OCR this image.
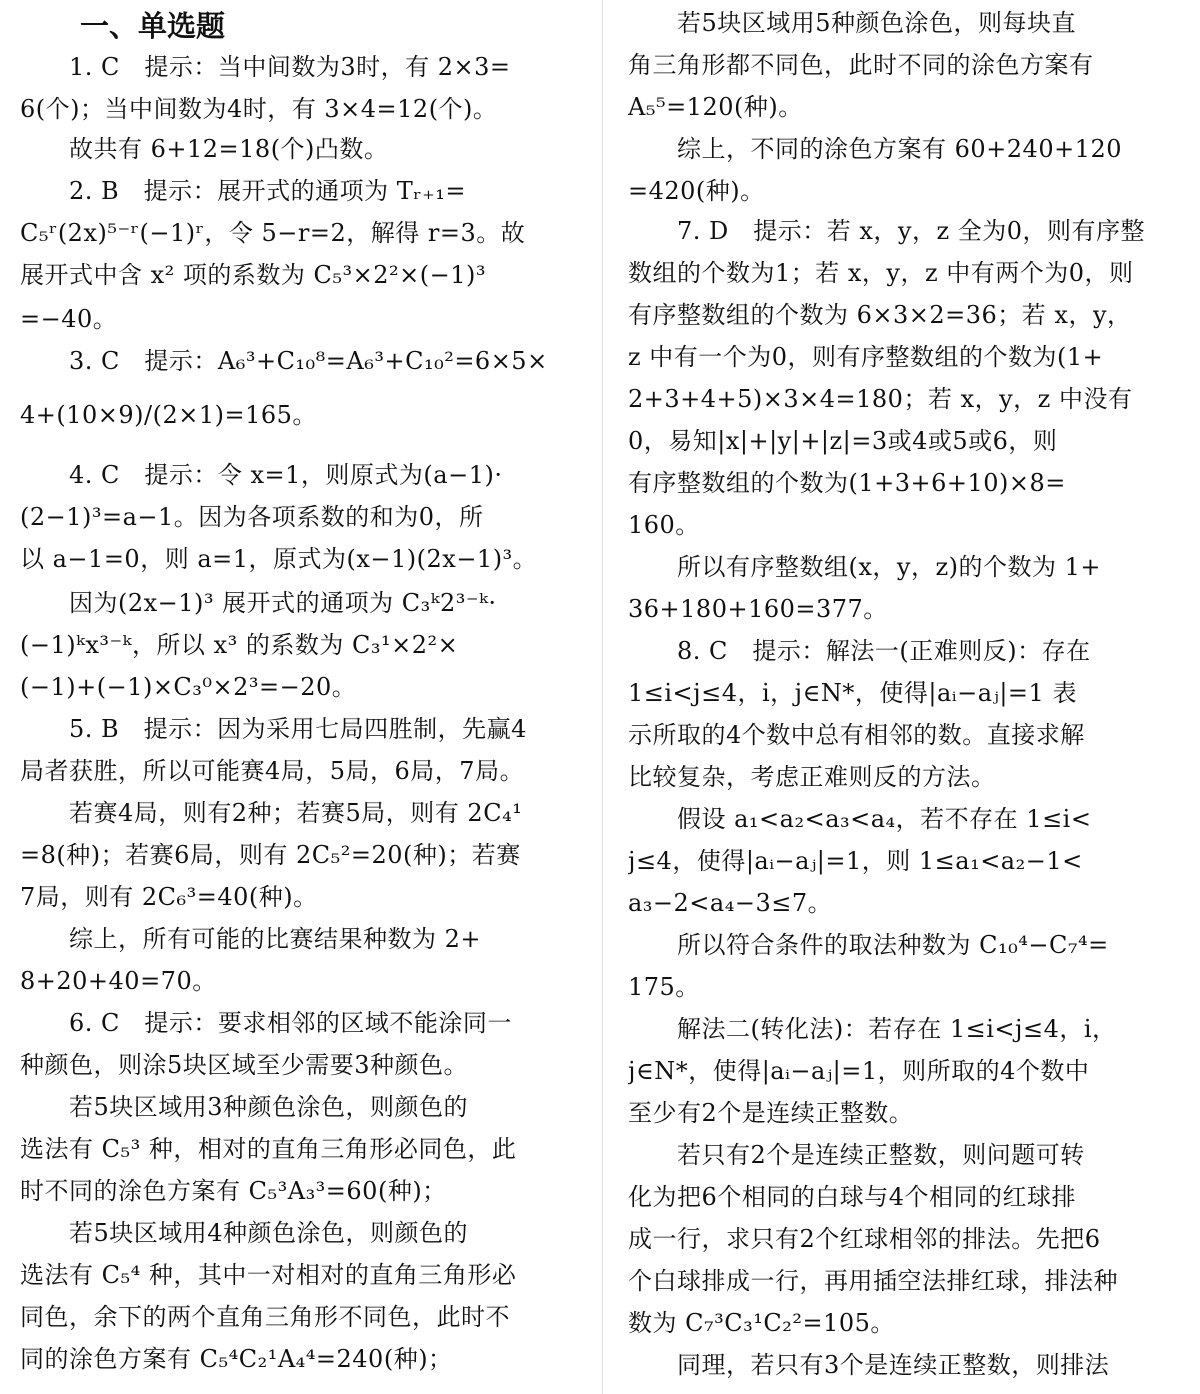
一、单选题
　　1. C　提示：当中间数为3时，有 2×3=
6(个)；当中间数为4时，有 3×4=12(个)。
　　故共有 6+12=18(个)凸数。
　　2. B　提示：展开式的通项为 Tᵣ₊₁=
C₅ʳ(2x)⁵⁻ʳ(−1)ʳ，令 5−r=2，解得 r=3。故
展开式中含 x² 项的系数为 C₅³×2²×(−1)³
=−40。
　　3. C　提示：A₆³+C₁₀⁸=A₆³+C₁₀²=6×5×
4+(10×9)/(2×1)=165。
　　4. C　提示：令 x=1，则原式为(a−1)·
(2−1)³=a−1。因为各项系数的和为0，所
以 a−1=0，则 a=1，原式为(x−1)(2x−1)³。
　　因为(2x−1)³ 展开式的通项为 C₃ᵏ2³⁻ᵏ·
(−1)ᵏx³⁻ᵏ，所以 x³ 的系数为 C₃¹×2²×
(−1)+(−1)×C₃⁰×2³=−20。
　　5. B　提示：因为采用七局四胜制，先赢4
局者获胜，所以可能赛4局，5局，6局，7局。
　　若赛4局，则有2种；若赛5局，则有 2C₄¹
=8(种)；若赛6局，则有 2C₅²=20(种)；若赛
7局，则有 2C₆³=40(种)。
　　综上，所有可能的比赛结果种数为 2+
8+20+40=70。
　　6. C　提示：要求相邻的区域不能涂同一
种颜色，则涂5块区域至少需要3种颜色。
　　若5块区域用3种颜色涂色，则颜色的
选法有 C₅³ 种，相对的直角三角形必同色，此
时不同的涂色方案有 C₅³A₃³=60(种)；
　　若5块区域用4种颜色涂色，则颜色的
选法有 C₅⁴ 种，其中一对相对的直角三角形必
同色，余下的两个直角三角形不同色，此时不
同的涂色方案有 C₅⁴C₂¹A₄⁴=240(种)；
　　若5块区域用5种颜色涂色，则每块直
角三角形都不同色，此时不同的涂色方案有
A₅⁵=120(种)。
　　综上，不同的涂色方案有 60+240+120
=420(种)。
　　7. D　提示：若 x，y，z 全为0，则有序整
数组的个数为1；若 x，y，z 中有两个为0，则
有序整数组的个数为 6×3×2=36；若 x，y，
z 中有一个为0，则有序整数组的个数为(1+
2+3+4+5)×3×4=180；若 x，y，z 中没有
0，易知|x|+|y|+|z|=3或4或5或6，则
有序整数组的个数为(1+3+6+10)×8=
160。
　　所以有序整数组(x，y，z)的个数为 1+
36+180+160=377。
　　8. C　提示：解法一(正难则反)：存在
1≤i<j≤4，i，j∈N*，使得|aᵢ−aⱼ|=1 表
示所取的4个数中总有相邻的数。直接求解
比较复杂，考虑正难则反的方法。
　　假设 a₁<a₂<a₃<a₄，若不存在 1≤i<
j≤4，使得|aᵢ−aⱼ|=1，则 1≤a₁<a₂−1<
a₃−2<a₄−3≤7。
　　所以符合条件的取法种数为 C₁₀⁴−C₇⁴=
175。
　　解法二(转化法)：若存在 1≤i<j≤4，i，
j∈N*，使得|aᵢ−aⱼ|=1，则所取的4个数中
至少有2个是连续正整数。
　　若只有2个是连续正整数，则问题可转
化为把6个相同的白球与4个相同的红球排
成一行，求只有2个红球相邻的排法。先把6
个白球排成一行，再用插空法排红球，排法种
数为 C₇³C₃¹C₂²=105。
　　同理，若只有3个是连续正整数，则排法
